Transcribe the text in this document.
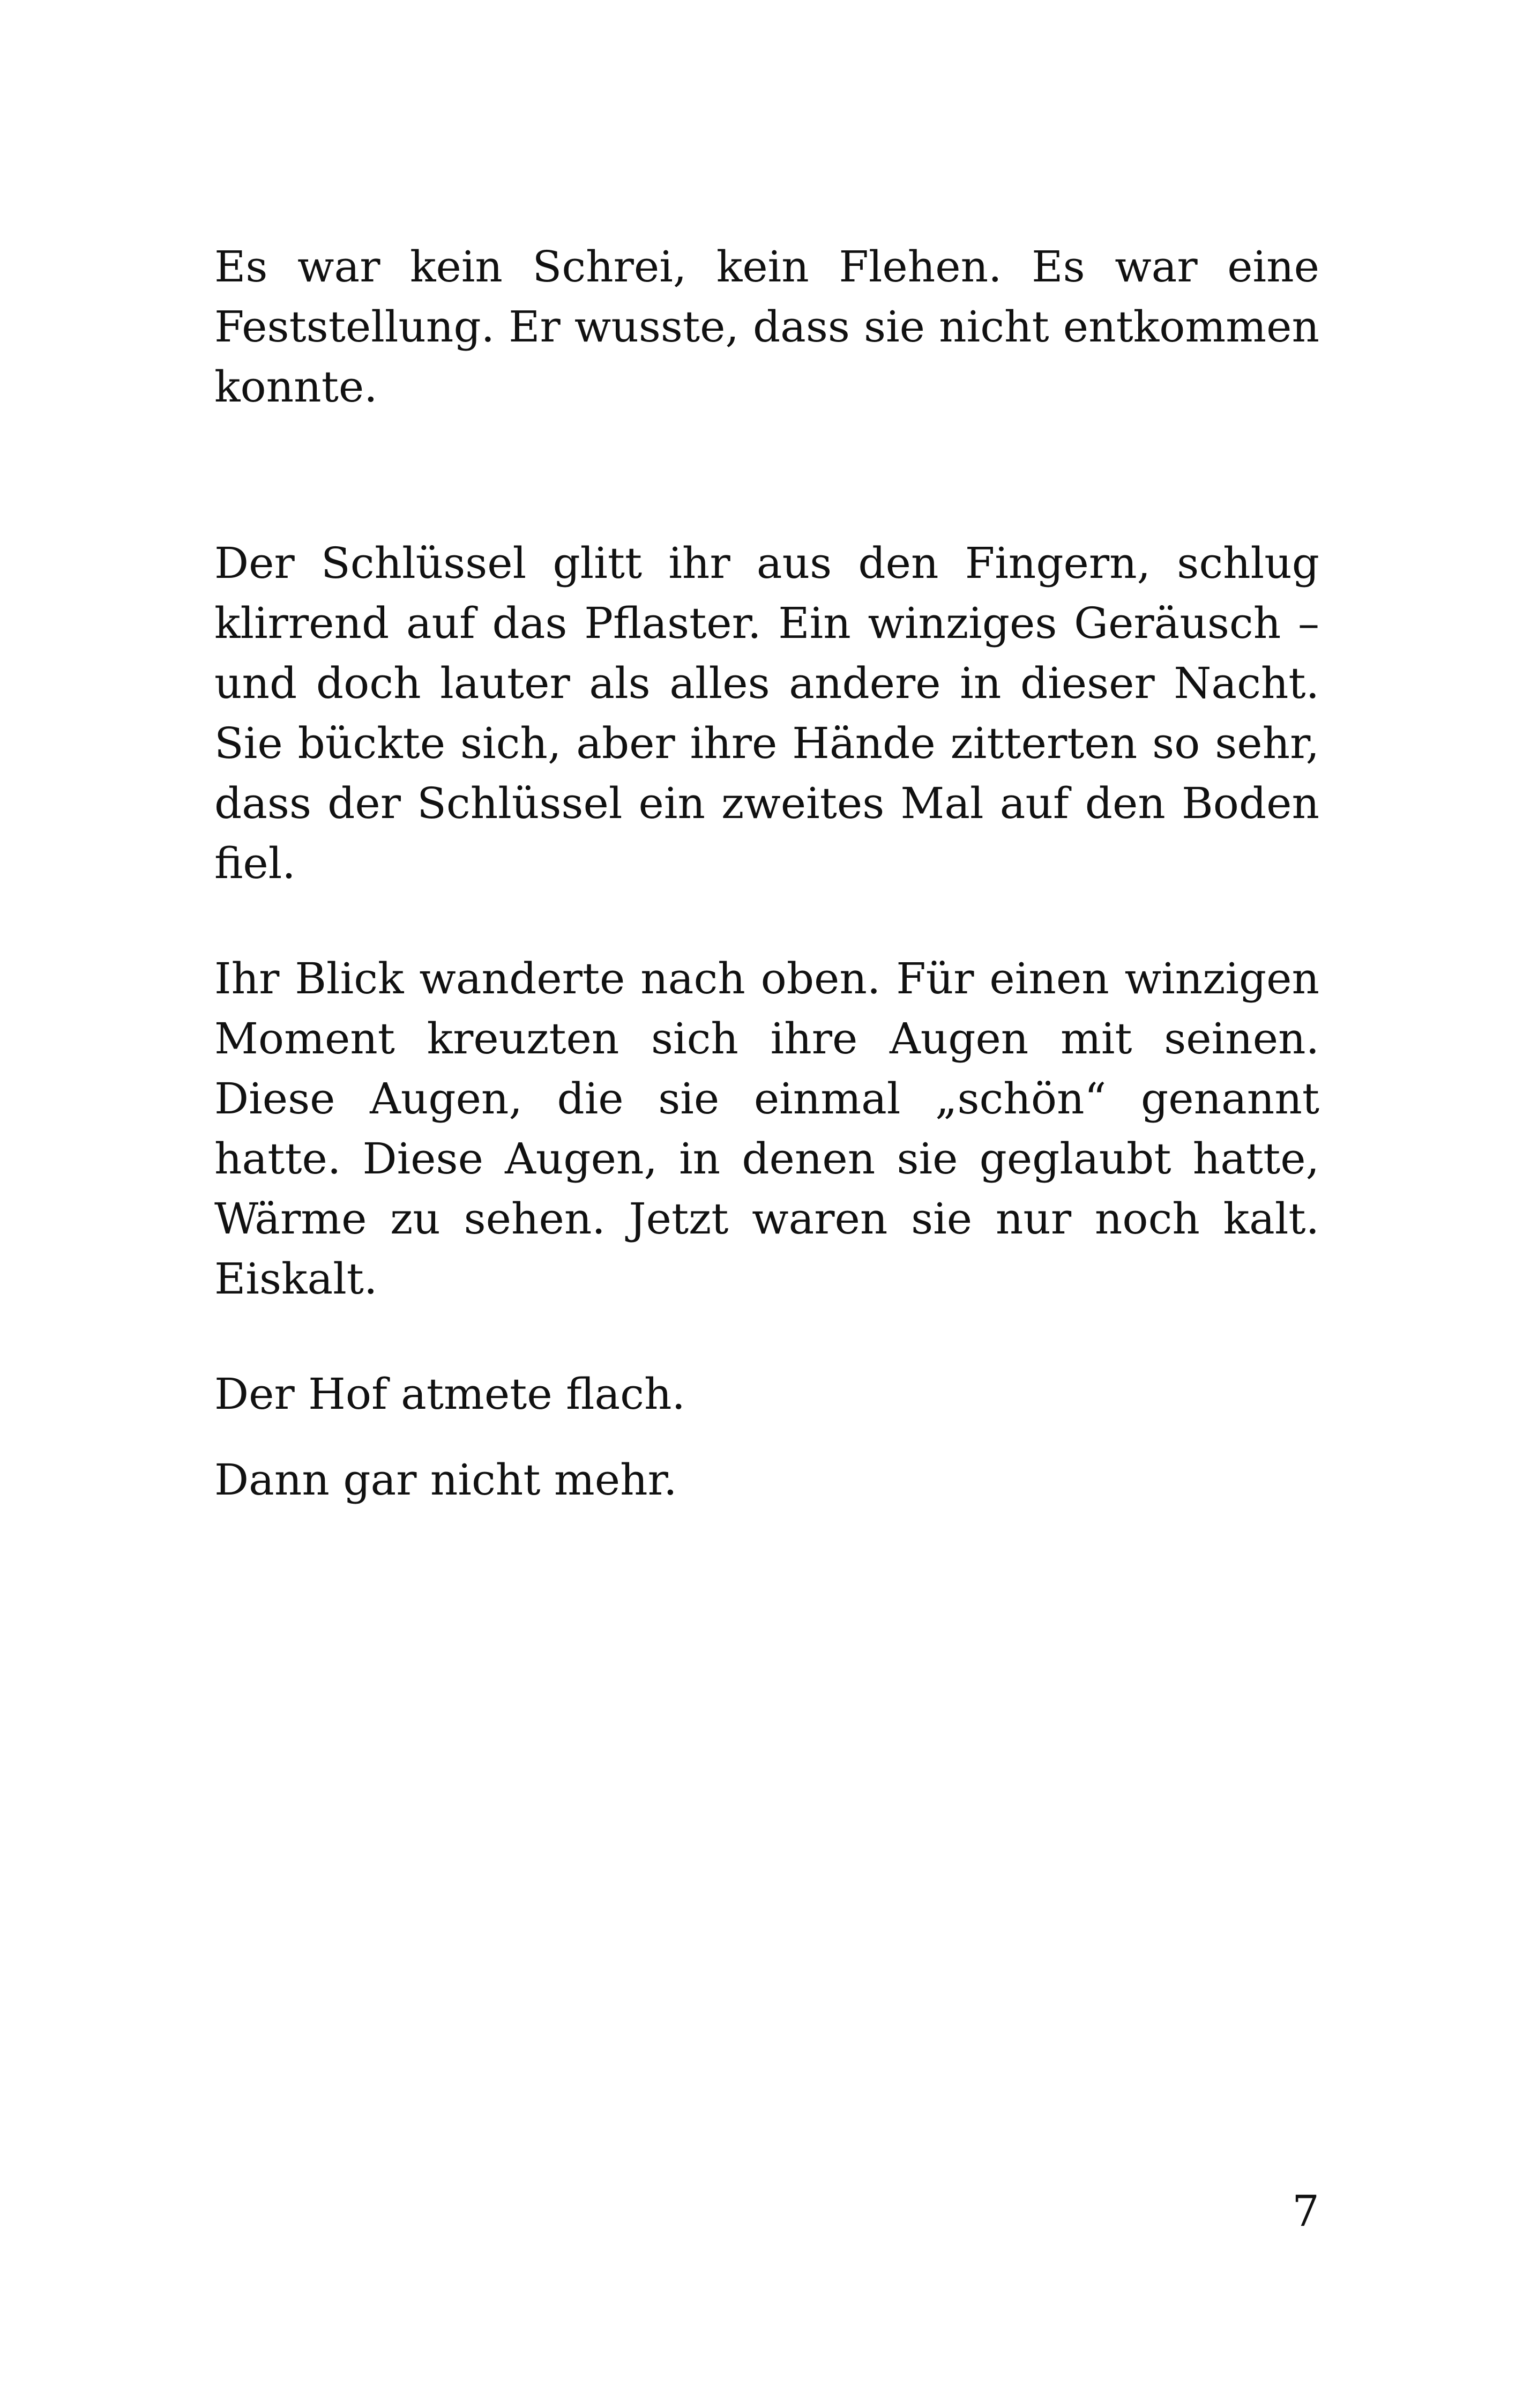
Es war kein Schrei, kein Flehen. Es war eine Feststellung. Er wusste, dass sie nicht entkommen konnte.

Der Schlüssel glitt ihr aus den Fingern, schlug klirrend auf das Pflaster. Ein winziges Geräusch – und doch lauter als alles andere in dieser Nacht. Sie bückte sich, aber ihre Hände zitterten so sehr, dass der Schlüssel ein zweites Mal auf den Boden fiel.

Ihr Blick wanderte nach oben. Für einen winzigen Moment kreuzten sich ihre Augen mit seinen. Diese Augen, die sie einmal „schön“ genannt hatte. Diese Augen, in denen sie geglaubt hatte, Wärme zu sehen. Jetzt waren sie nur noch kalt. Eiskalt.

Der Hof atmete flach.

Dann gar nicht mehr.

7
